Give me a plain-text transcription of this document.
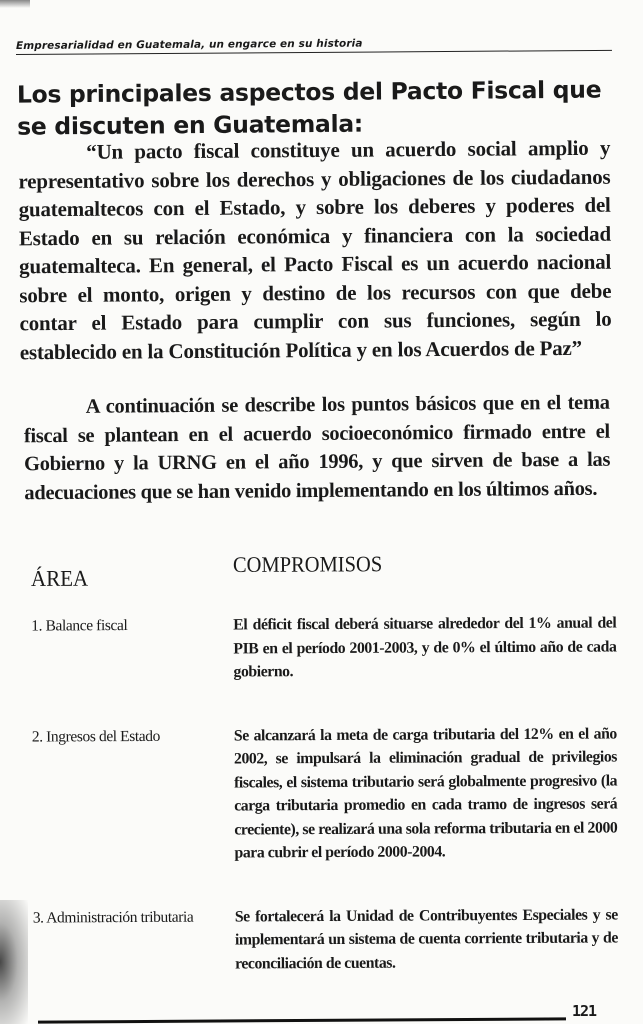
Empresarialidad en Guatemala, un engarce en su historia
Los principales aspectos del Pacto Fiscal que se discuten en Guatemala:

“Un pacto fiscal constituye un acuerdo social amplio y representativo sobre los derechos y obligaciones de los ciudadanos guatemaltecos con el Estado, y sobre los deberes y poderes del Estado en su relación económica y financiera con la sociedad guatemalteca. En general, el Pacto Fiscal es un acuerdo nacional sobre el monto, origen y destino de los recursos con que debe contar el Estado para cumplir con sus funciones, según lo establecido en la Constitución Política y en los Acuerdos de Paz”

A continuación se describe los puntos básicos que en el tema fiscal se plantean en el acuerdo socioeconómico firmado entre el Gobierno y la URNG en el año 1996, y que sirven de base a las adecuaciones que se han venido implementando en los últimos años.

ÁREA
COMPROMISOS
1. Balance fiscal	El déficit fiscal deberá situarse alrededor del 1% anual del PIB en el período 2001-2003, y de 0% el último año de cada gobierno.
2. Ingresos del Estado	Se alcanzará la meta de carga tributaria del 12% en el año 2002, se impulsará la eliminación gradual de privilegios fiscales, el sistema tributario será globalmente progresivo (la carga tributaria promedio en cada tramo de ingresos será creciente), se realizará una sola reforma tributaria en el 2000 para cubrir el período 2000-2004.
3. Administración tributaria	Se fortalecerá la Unidad de Contribuyentes Especiales y se implementará un sistema de cuenta corriente tributaria y de reconciliación de cuentas.
121
